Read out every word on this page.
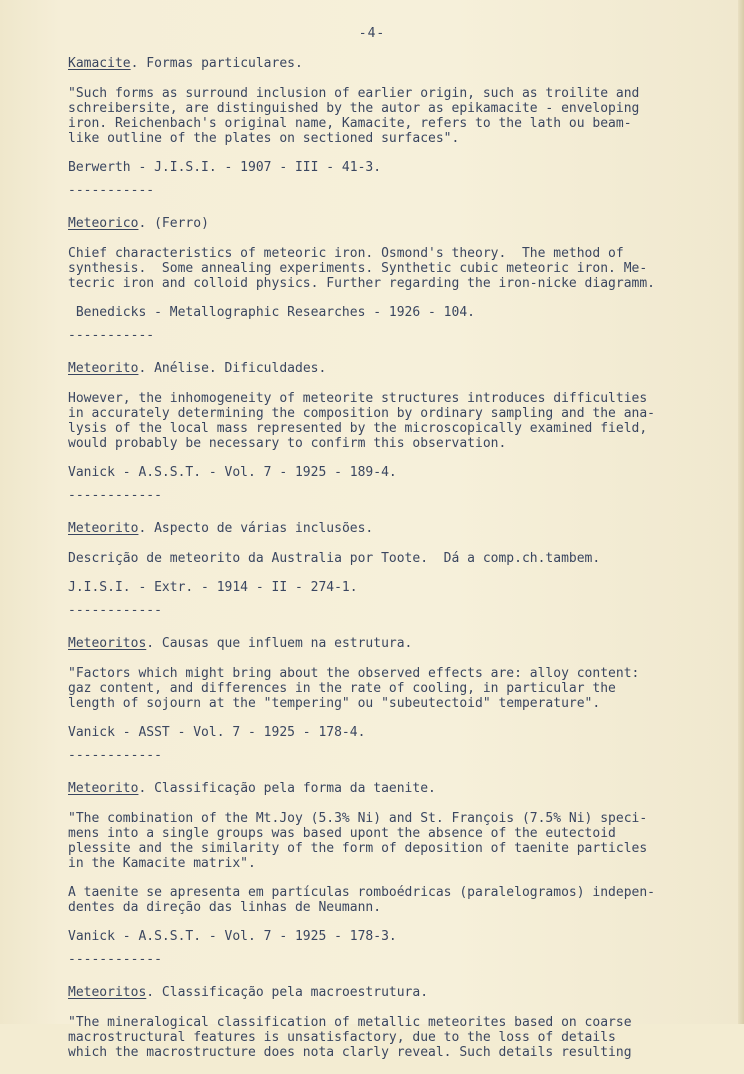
-4-
Kamacite. Formas particulares.
"Such forms as surround inclusion of earlier origin, such as troilite and
schreibersite, are distinguished by the autor as epikamacite - enveloping
iron. Reichenbach's original name, Kamacite, refers to the lath ou beam-
like outline of the plates on sectioned surfaces".
Berwerth - J.I.S.I. - 1907 - III - 41-3.
-----------
Meteorico. (Ferro)
Chief characteristics of meteoric iron. Osmond's theory.  The method of
synthesis.  Some annealing experiments. Synthetic cubic meteoric iron. Me-
tecric iron and colloid physics. Further regarding the iron-nicke diagramm.
Benedicks - Metallographic Researches - 1926 - 104.
-----------
Meteorito. Anélise. Dificuldades.
However, the inhomogeneity of meteorite structures introduces difficulties
in accurately determining the composition by ordinary sampling and the ana-
lysis of the local mass represented by the microscopically examined field,
would probably be necessary to confirm this observation.
Vanick - A.S.S.T. - Vol. 7 - 1925 - 189-4.
------------
Meteorito. Aspecto de várias inclusões.
Descrição de meteorito da Australia por Toote.  Dá a comp.ch.tambem.
J.I.S.I. - Extr. - 1914 - II - 274-1.
------------
Meteoritos. Causas que influem na estrutura.
"Factors which might bring about the observed effects are: alloy content:
gaz content, and differences in the rate of cooling, in particular the
length of sojourn at the "tempering" ou "subeutectoid" temperature".
Vanick - ASST - Vol. 7 - 1925 - 178-4.
------------
Meteorito. Classificação pela forma da taenite.
"The combination of the Mt.Joy (5.3% Ni) and St. François (7.5% Ni) speci-
mens into a single groups was based upont the absence of the eutectoid
plessite and the similarity of the form of deposition of taenite particles
in the Kamacite matrix".
A taenite se apresenta em partículas romboédricas (paralelogramos) indepen-
dentes da direção das linhas de Neumann.
Vanick - A.S.S.T. - Vol. 7 - 1925 - 178-3.
------------
Meteoritos. Classificação pela macroestrutura.
"The mineralogical classification of metallic meteorites based on coarse
macrostructural features is unsatisfactory, due to the loss of details
which the macrostructure does nota clarly reveal. Such details resulting
